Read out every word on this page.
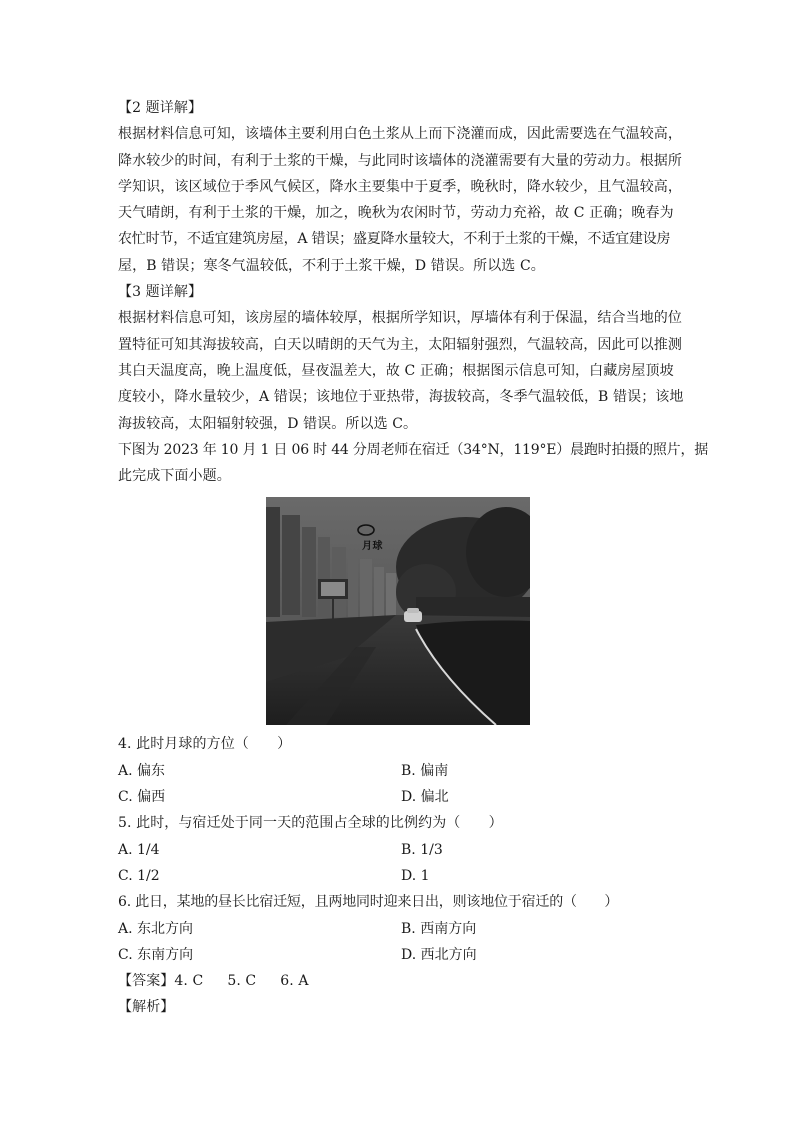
【2 题详解】
根据材料信息可知，该墙体主要利用白色土浆从上而下浇灌而成，因此需要选在气温较高，
降水较少的时间，有利于土浆的干燥，与此同时该墙体的浇灌需要有大量的劳动力。根据所
学知识，该区域位于季风气候区，降水主要集中于夏季，晚秋时，降水较少，且气温较高，
天气晴朗，有利于土浆的干燥，加之，晚秋为农闲时节，劳动力充裕，故 C 正确；晚春为
农忙时节，不适宜建筑房屋，A 错误；盛夏降水量较大，不利于土浆的干燥，不适宜建设房
屋，B 错误；寒冬气温较低，不利于土浆干燥，D 错误。所以选 C。
【3 题详解】
根据材料信息可知，该房屋的墙体较厚，根据所学知识，厚墙体有利于保温，结合当地的位
置特征可知其海拔较高，白天以晴朗的天气为主，太阳辐射强烈，气温较高，因此可以推测
其白天温度高，晚上温度低，昼夜温差大，故 C 正确；根据图示信息可知，白藏房屋顶坡
度较小，降水量较少，A 错误；该地位于亚热带，海拔较高，冬季气温较低，B 错误；该地
海拔较高，太阳辐射较强，D 错误。所以选 C。
下图为 2023 年 10 月 1 日 06 时 44 分周老师在宿迁（34°N，119°E）晨跑时拍摄的照片，据
此完成下面小题。
月球
4. 此时月球的方位（　　）
A. 偏东	B. 偏南
C. 偏西	D. 偏北
5. 此时，与宿迁处于同一天的范围占全球的比例约为（　　）
A. 1/4	B. 1/3
C. 1/2	D. 1
6. 此日，某地的昼长比宿迁短，且两地同时迎来日出，则该地位于宿迁的（　　）
A. 东北方向	B. 西南方向
C. 东南方向	D. 西北方向
【答案】4. C 5. C 6. A
【解析】
